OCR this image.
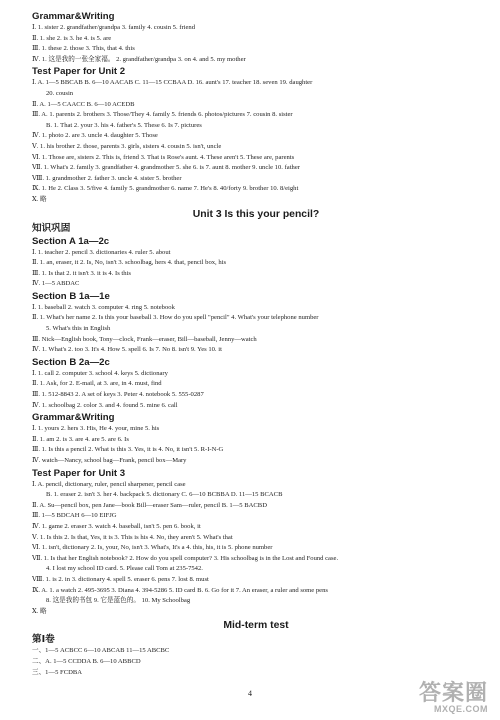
Grammar&Writing
Ⅰ. 1. sister 2. grandfather/grandpa 3. family 4. cousin 5. friend
Ⅱ. 1. she 2. is 3. he 4. is 5. are
Ⅲ. 1. these 2. those 3. This, that 4. this
Ⅳ. 1. 这是我的一张全家福。 2. grandfather/grandpa 3. on 4. and 5. my mother
Test Paper for Unit 2
Ⅰ. A. 1—5 BBCAB B. 6—10 AACAB C. 11—15 CCBAA D. 16. aunt's 17. teacher 18. seven 19. daughter
20. cousin
Ⅱ. A. 1—5 CAACC B. 6—10 ACEDB
Ⅲ. A. 1. parents 2. brothers 3. Those/They 4. family 5. friends 6. photos/pictures 7. cousin 8. sister
B. 1. That 2. your 3. his 4. father's 5. These 6. Is 7. pictures
Ⅳ. 1. photo 2. are 3. uncle 4. daughter 5. Those
Ⅴ. 1. his brother 2. those, parents 3. girls, sisters 4. cousin 5. isn't, uncle
Ⅵ. 1. Those are, sisters 2. This is, friend 3. That is Rose's aunt. 4. These aren't 5. These are, parents
Ⅶ. 1. What's 2. family 3. grandfather 4. grandmother 5. she 6. is 7. aunt 8. mother 9. uncle 10. father
Ⅷ. 1. grandmother 2. father 3. uncle 4. sister 5. brother
Ⅸ. 1. He 2. Class 3. 5/five 4. family 5. grandmother 6. name 7. He's 8. 40/forty 9. brother 10. 8/eight
Ⅹ. 略
Unit 3 Is this your pencil?
知识巩固
Section A 1a—2c
Ⅰ. 1. teacher 2. pencil 3. dictionaries 4. ruler 5. about
Ⅱ. 1. an, eraser, it 2. Is, No, isn't 3. schoolbag, hers 4. that, pencil box, his
Ⅲ. 1. Is that 2. it isn't 3. it is 4. Is this
Ⅳ. 1—5 ABDAC
Section B 1a—1e
Ⅰ. 1. baseball 2. watch 3. computer 4. ring 5. notebook
Ⅱ. 1. What's her name 2. Is this your baseball 3. How do you spell "pencil" 4. What's your telephone number
5. What's this in English
Ⅲ. Nick—English book, Tony—clock, Frank—eraser, Bill—baseball, Jenny—watch
Ⅳ. 1. What's 2. too 3. It's 4. How 5. spell 6. Is 7. No 8. isn't 9. Yes 10. it
Section B 2a—2c
Ⅰ. 1. call 2. computer 3. school 4. keys 5. dictionary
Ⅱ. 1. Ask, for 2. E-mail, at 3. are, in 4. must, find
Ⅲ. 1. 512-8843 2. A set of keys 3. Peter 4. notebook 5. 555-0287
Ⅳ. 1. schoolbag 2. color 3. and 4. found 5. mine 6. call
Grammar&Writing
Ⅰ. 1. yours 2. hers 3. His, He 4. your, mine 5. his
Ⅱ. 1. am 2. is 3. are 4. are 5. are 6. Is
Ⅲ. 1. Is this a pencil 2. What is this 3. Yes, it is 4. No, it isn't 5. R-I-N-G
Ⅳ. watch—Nancy, school bag—Frank, pencil box—Mary
Test Paper for Unit 3
Ⅰ. A. pencil, dictionary, ruler, pencil sharpener, pencil case
B. 1. eraser 2. isn't 3. her 4. backpack 5. dictionary C. 6—10 BCBBA D. 11—15 BCACB
Ⅱ. A. Su—pencil box, pen Jane—book Bill—eraser Sam—ruler, pencil B. 1—5 BACBD
Ⅲ. 1—5 BDCAH 6—10 EIFJG
Ⅳ. 1. game 2. eraser 3. watch 4. baseball, isn't 5. pen 6. book, it
Ⅴ. 1. Is this 2. Is that, Yes, it is 3. This is his 4. No, they aren't 5. What's that
Ⅵ. 1. isn't, dictionary 2. Is, your, No, isn't 3. What's, It's a 4. this, his, it is 5. phone number
Ⅶ. 1. Is that her English notebook? 2. How do you spell computer? 3. His schoolbag is in the Lost and Found case.
4. I lost my school ID card. 5. Please call Tom at 235-7542.
Ⅷ. 1. is 2. in 3. dictionary 4. spell 5. eraser 6. pens 7. lost 8. must
Ⅸ. A. 1. a watch 2. 495-3695 3. Diana 4. 394-5286 5. ID card B. 6. Go for it 7. An eraser, a ruler and some pens
8. 这是我的书包 9. 它是蓝色的。 10. My Schoolbag
Ⅹ. 略
Mid-term test
第Ⅰ卷
一、1—5 ACBCC 6—10 ABCAB 11—15 ABCBC
二、A. 1—5 CCDDA B. 6—10 ABBCD
三、1—5 FCDBA
4	答案圈
MXQE.COM
